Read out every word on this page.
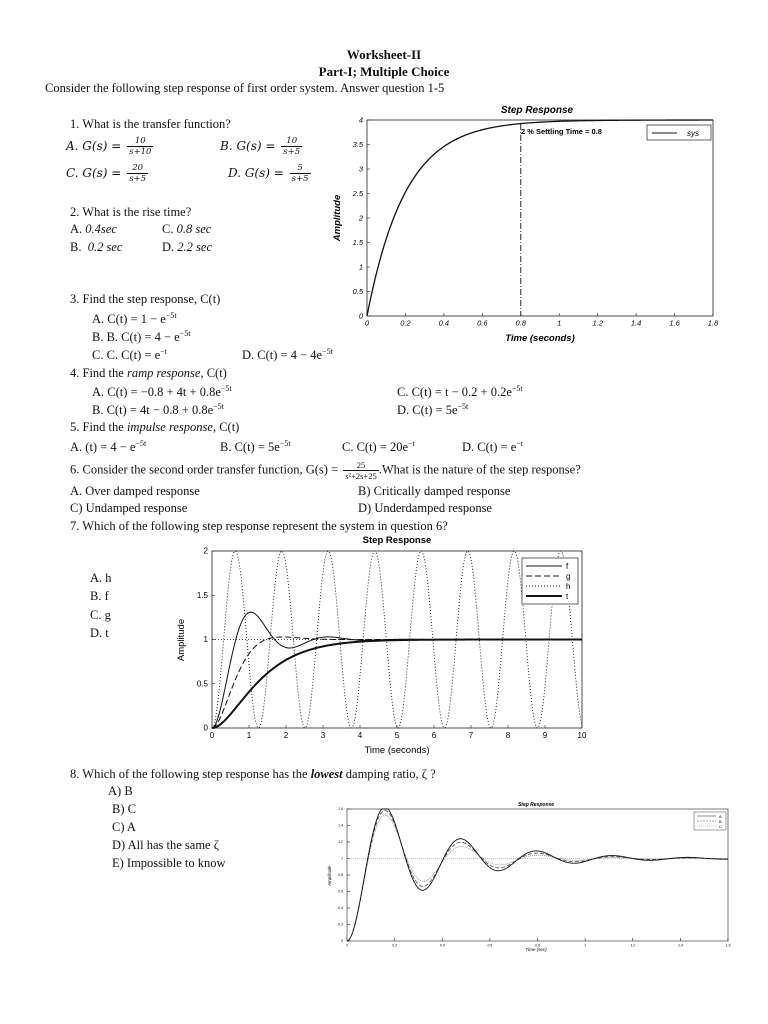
Worksheet-II
Part-I; Multiple Choice
Consider the following step response of first order system. Answer question 1-5
1. What is the transfer function?
A. $G(s) = \frac{10}{s+10}$	B. $G(s) = \frac{10}{s+5}$
C. $G(s) = \frac{20}{s+5}$	D. $G(s) = \frac{5}{s+5}$
2. What is the rise time?
A. 0.4sec	C. 0.8 sec
B. 0.2 sec	D. 2.2 sec
3. Find the step response, C(t)
A. $C(t) = 1 - e^{-5t}$
B. B. $C(t) = 4 - e^{-5t}$
C. C. $C(t) = e^{-t}$	D. $C(t) = 4 - 4e^{-5t}$
4. Find the ramp response, C(t)
A. $C(t) = -0.8 + 4t + 0.8e^{-5t}$	C. $C(t) = t - 0.2 + 0.2e^{-5t}$
B. $C(t) = 4t - 0.8 + 0.8e^{-5t}$	D. $C(t) = 5e^{-5t}$
5. Find the impulse response, C(t)
A. $(t) = 4 - e^{-5t}$	B. $C(t) = 5e^{-5t}$	C. $C(t) = 20e^{-t}$	D. $C(t) = e^{-t}$
6. Consider the second order transfer function, $G(s) = \frac{25}{\text{s²+2s+25}}$ .What is the nature of the step response?
A. Over damped response	B) Critically damped response
C) Undamped response	D) Underdamped response
7. Which of the following step response represent the system in question 6?
A. h
B. f
C. g
D. t
8. Which of the following step response has the lowest damping ratio, ζ ?
A) B
B) C
C) A
D) All has the same ζ
E) Impossible to know
Step Response
0	0.2	0.4	0.6	0.8	1	1.2	1.4	1.6	1.8
0
0.5
1
1.5
2
2.5
3
3.5
4
2 % Settling Time = 0.8	sys
Time (seconds)
Amplitude
Step Response
0	1	2	3	4	5	6	7	8	9	10
0
0.5
1
1.5
2
f
g
h
t
Time (seconds)
Amplitude
Step Response
0	0.2	0.4	0.6	0.8	1	1.2	1.4	1.6
0
0.2
0.4
0.6
0.8
1
1.2
1.4
1.6
A
B
C
Time (sec)
Amplitude
